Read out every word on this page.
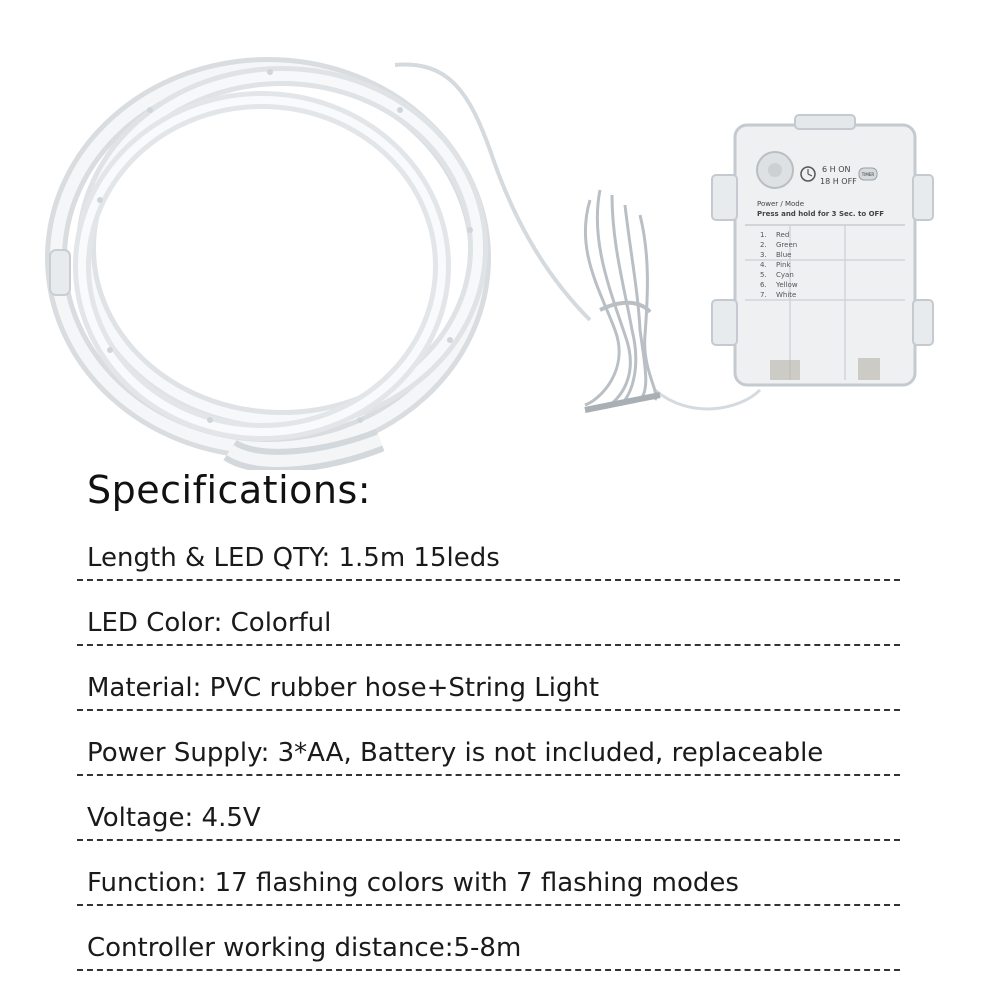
6 H ON
18 H OFF
TIMER
Power / Mode
Press and hold for 3 Sec. to OFF
1. Red
2. Green
3. Blue
4. Pink
5. Cyan
6. Yellow
7. White
Specifications:
Length & LED QTY: 1.5m 15leds
LED Color: Colorful
Material: PVC rubber hose+String Light
Power Supply: 3*AA, Battery is not included, replaceable
Voltage: 4.5V
Function: 17 flashing colors with 7 flashing modes
Controller working distance:5-8m
